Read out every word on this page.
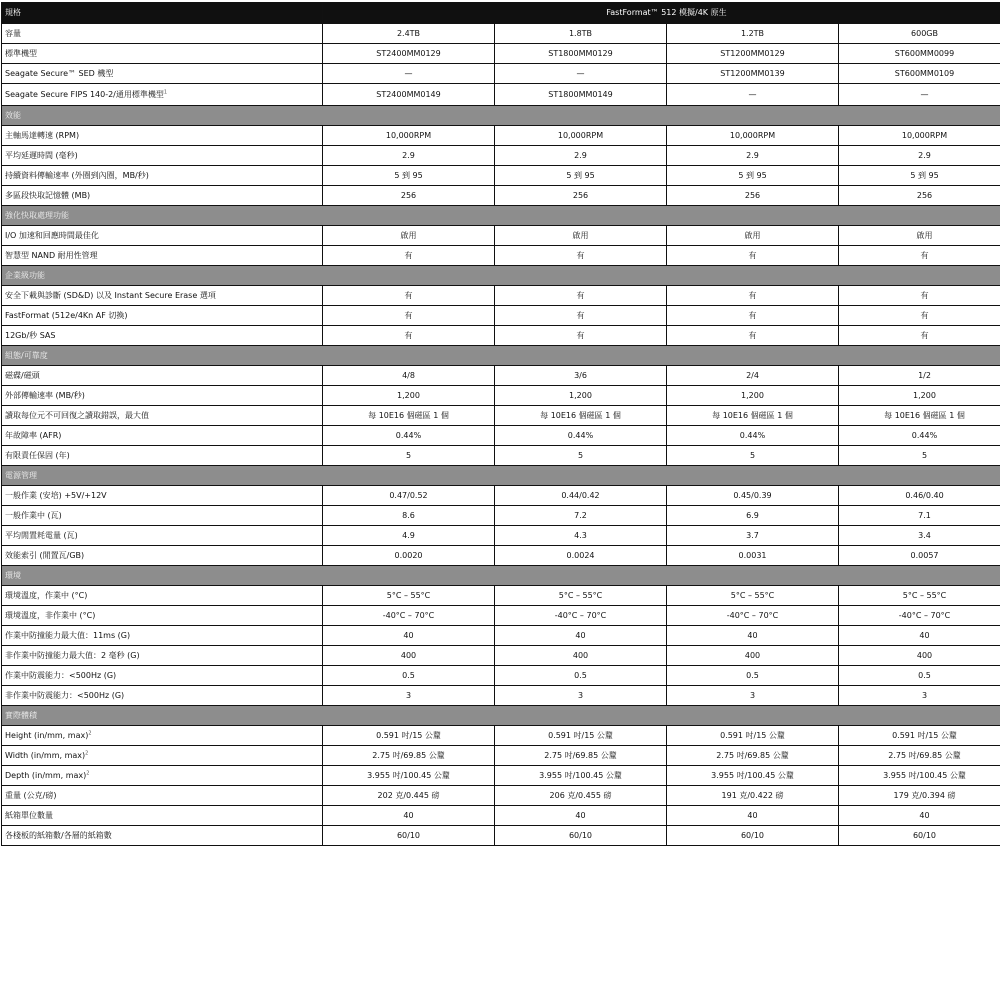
規格	FastFormat™ 512 模擬/4K 原生			
容量	2.4TB	1.8TB	1.2TB	600GB
標準機型	ST2400MM0129	ST1800MM0129	ST1200MM0129	ST600MM0099
Seagate Secure™ SED 機型	—	—	ST1200MM0139	ST600MM0109
Seagate Secure FIPS 140-2/通用標準機型$^1$	ST2400MM0149	ST1800MM0149	—	—
效能				
主軸馬達轉速 (RPM)	10,000RPM	10,000RPM	10,000RPM	10,000RPM
平均延遲時間 (毫秒)	2.9	2.9	2.9	2.9
持續資料傳輸速率 (外圈到內圈，MB/秒)	5 到 95	5 到 95	5 到 95	5 到 95
多區段快取記憶體 (MB)	256	256	256	256
強化快取處理功能				
I/O 加速和回應時間最佳化	啟用	啟用	啟用	啟用
智慧型 NAND 耐用性管理	有	有	有	有
企業級功能				
安全下載與診斷 (SD&D) 以及 Instant Secure Erase 選項	有	有	有	有
FastFormat (512e/4Kn AF 切換)	有	有	有	有
12Gb/秒 SAS	有	有	有	有
組態/可靠度				
磁碟/磁頭	4/8	3/6	2/4	1/2
外部傳輸速率 (MB/秒)	1,200	1,200	1,200	1,200
讀取每位元不可回復之讀取錯誤，最大值	每 10E16 個磁區 1 個	每 10E16 個磁區 1 個	每 10E16 個磁區 1 個	每 10E16 個磁區 1 個
年故障率 (AFR)	0.44%	0.44%	0.44%	0.44%
有限責任保固 (年)	5	5	5	5
電源管理				
一般作業 (安培) +5V/+12V	0.47/0.52	0.44/0.42	0.45/0.39	0.46/0.40
一般作業中 (瓦)	8.6	7.2	6.9	7.1
平均閒置耗電量 (瓦)	4.9	4.3	3.7	3.4
效能索引 (閒置瓦/GB)	0.0020	0.0024	0.0031	0.0057
環境				
環境溫度，作業中 (°C)	5°C – 55°C	5°C – 55°C	5°C – 55°C	5°C – 55°C
環境溫度，非作業中 (°C)	-40°C – 70°C	-40°C – 70°C	-40°C – 70°C	-40°C – 70°C
作業中防撞能力最大值：11ms (G)	40	40	40	40
非作業中防撞能力最大值：2 毫秒 (G)	400	400	400	400
作業中防震能力：<500Hz (G)	0.5	0.5	0.5	0.5
非作業中防震能力：<500Hz (G)	3	3	3	3
實際體積				
Height (in/mm, max)$^2$	0.591 吋/15 公釐	0.591 吋/15 公釐	0.591 吋/15 公釐	0.591 吋/15 公釐
Width (in/mm, max)$^2$	2.75 吋/69.85 公釐	2.75 吋/69.85 公釐	2.75 吋/69.85 公釐	2.75 吋/69.85 公釐
Depth (in/mm, max)$^2$	3.955 吋/100.45 公釐	3.955 吋/100.45 公釐	3.955 吋/100.45 公釐	3.955 吋/100.45 公釐
重量 (公克/磅)	202 克/0.445 磅	206 克/0.455 磅	191 克/0.422 磅	179 克/0.394 磅
紙箱單位數量	40	40	40	40
各棧板的紙箱數/各層的紙箱數	60/10	60/10	60/10	60/10
